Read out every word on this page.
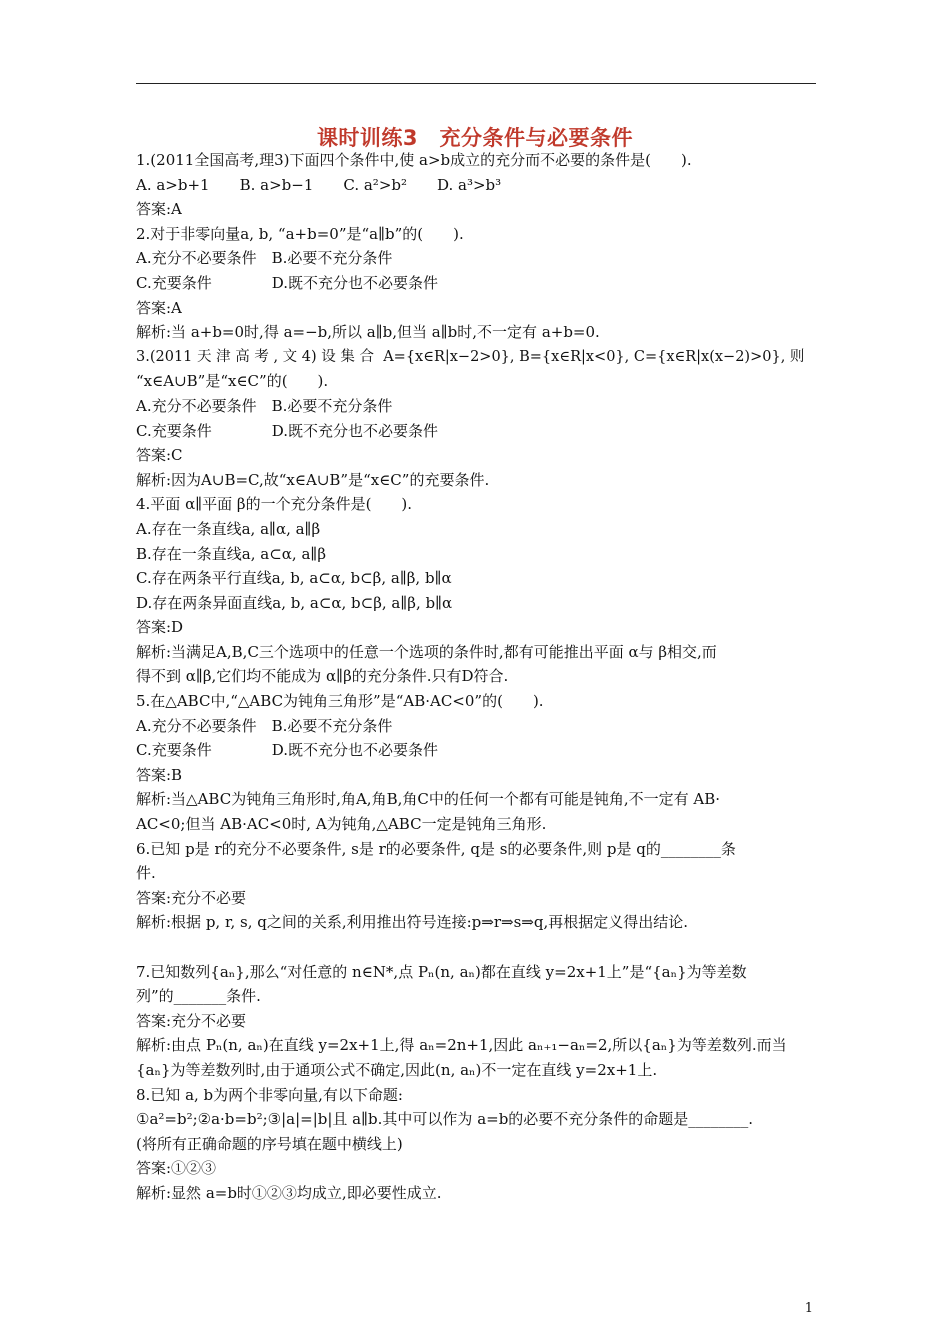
课时训练3　充分条件与必要条件
1.(2011全国高考,理3)下面四个条件中,使 a>b成立的充分而不必要的条件是(　　).
A. a>b+1　　B. a>b−1　　C. a²>b²　　D. a³>b³
答案:A
2.对于非零向量a, b, “a+b=0”是“a∥b”的(　　).
A.充分不必要条件　B.必要不充分条件
C.充要条件　　　　D.既不充分也不必要条件
答案:A
解析:当 a+b=0时,得 a=−b,所以 a∥b,但当 a∥b时,不一定有 a+b=0.
3.(2011 天 津 高 考 , 文 4) 设 集 合  A={x∈R|x−2>0}, B={x∈R|x<0}, C={x∈R|x(x−2)>0}, 则
“x∈A∪B”是“x∈C”的(　　).
A.充分不必要条件　B.必要不充分条件
C.充要条件　　　　D.既不充分也不必要条件
答案:C
解析:因为A∪B=C,故“x∈A∪B”是“x∈C”的充要条件.
4.平面 α∥平面 β的一个充分条件是(　　).
A.存在一条直线a, a∥α, a∥β
B.存在一条直线a, a⊂α, a∥β
C.存在两条平行直线a, b, a⊂α, b⊂β, a∥β, b∥α
D.存在两条异面直线a, b, a⊂α, b⊂β, a∥β, b∥α
答案:D
解析:当满足A,B,C三个选项中的任意一个选项的条件时,都有可能推出平面 α与 β相交,而
得不到 α∥β,它们均不能成为 α∥β的充分条件.只有D符合.
5.在△ABC中,“△ABC为钝角三角形”是“AB·AC<0”的(　　).
A.充分不必要条件　B.必要不充分条件
C.充要条件　　　　D.既不充分也不必要条件
答案:B
解析:当△ABC为钝角三角形时,角A,角B,角C中的任何一个都有可能是钝角,不一定有 AB·
AC<0;但当 AB·AC<0时, A为钝角,△ABC一定是钝角三角形.
6.已知 p是 r的充分不必要条件, s是 r的必要条件, q是 s的必要条件,则 p是 q的________条
件.
答案:充分不必要
解析:根据 p, r, s, q之间的关系,利用推出符号连接:p⇒r⇒s⇒q,再根据定义得出结论.
7.已知数列{aₙ},那么“对任意的 n∈N*,点 Pₙ(n, aₙ)都在直线 y=2x+1上”是“{aₙ}为等差数
列”的_______条件.
答案:充分不必要
解析:由点 Pₙ(n, aₙ)在直线 y=2x+1上,得 aₙ=2n+1,因此 aₙ₊₁−aₙ=2,所以{aₙ}为等差数列.而当
{aₙ}为等差数列时,由于通项公式不确定,因此(n, aₙ)不一定在直线 y=2x+1上.
8.已知 a, b为两个非零向量,有以下命题:
①a²=b²;②a·b=b²;③|a|=|b|且 a∥b.其中可以作为 a=b的必要不充分条件的命题是________.
(将所有正确命题的序号填在题中横线上)
答案:①②③
解析:显然 a=b时①②③均成立,即必要性成立.
1
